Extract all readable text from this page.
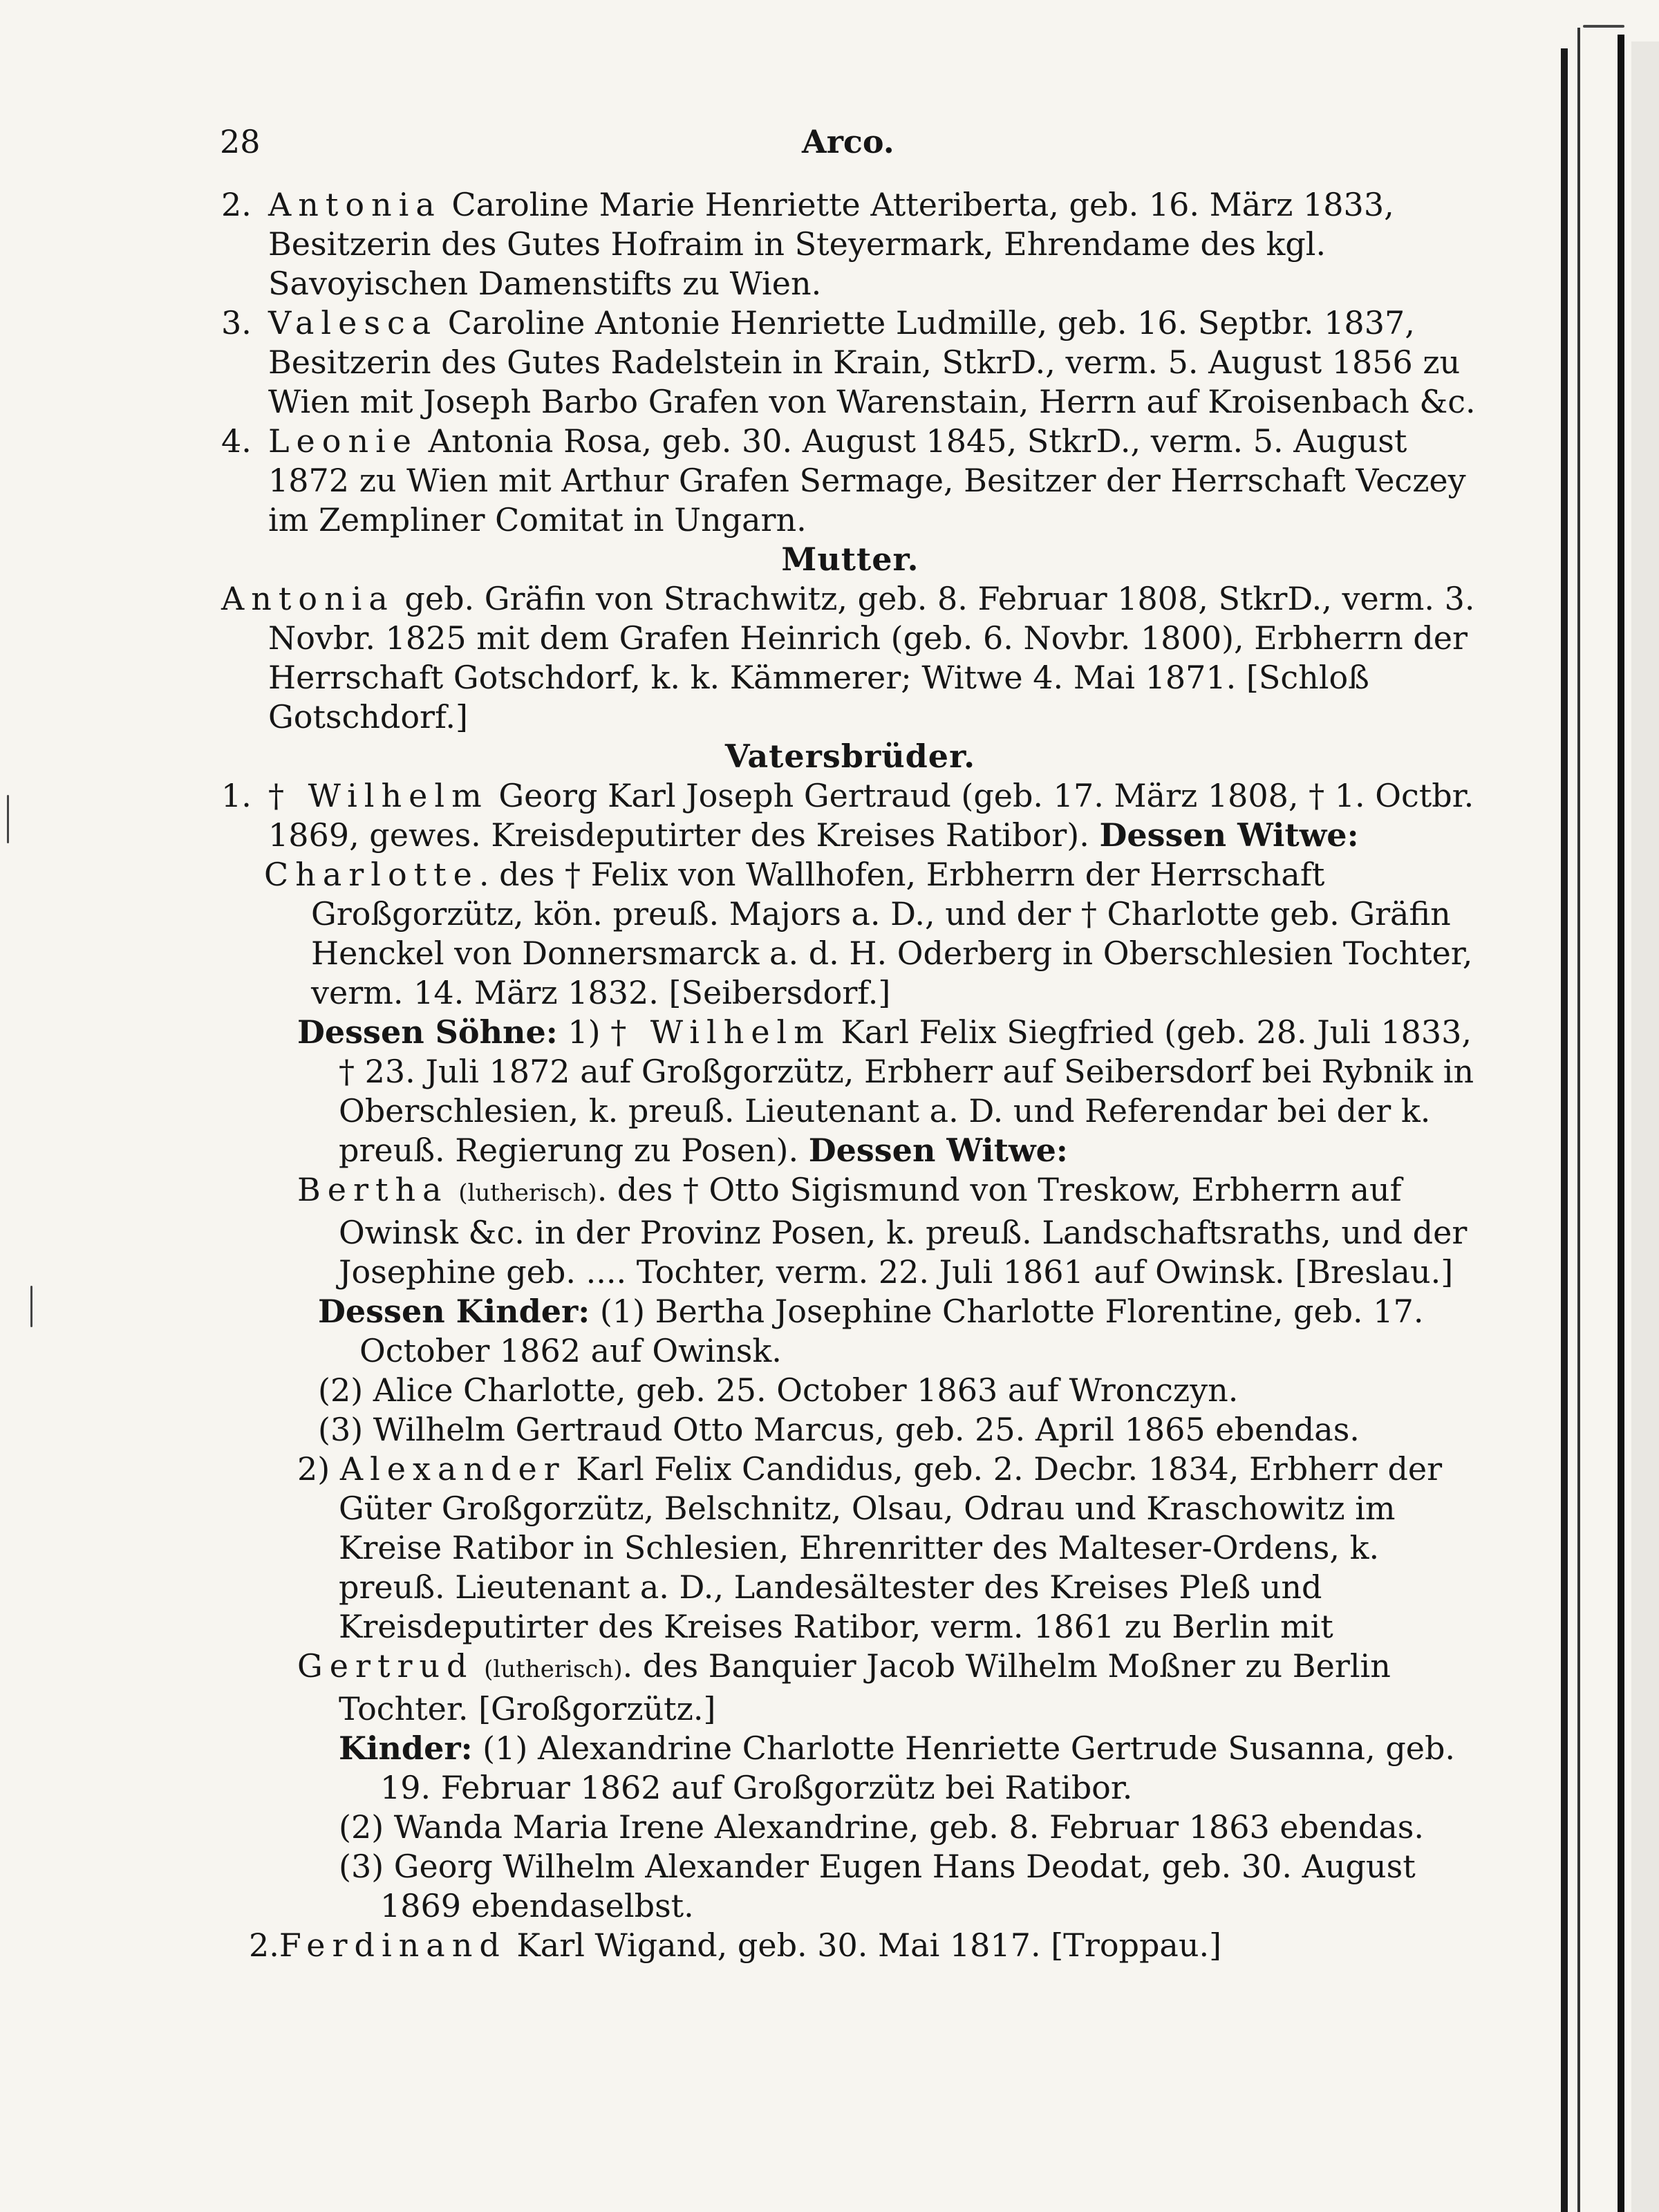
28	Arco.

2. Antonia Caroline Marie Henriette Atteriberta, geb. 16. März 1833, Besitzerin des Gutes Hofraim in Steyermark, Ehrendame des kgl. Savoyischen Damenstifts zu Wien.

3. Valesca Caroline Antonie Henriette Ludmille, geb. 16. Septbr. 1837, Besitzerin des Gutes Radelstein in Krain, StkrD., verm. 5. August 1856 zu Wien mit Joseph Barbo Grafen von Warenstain, Herrn auf Kroisenbach &c.

4. Leonie Antonia Rosa, geb. 30. August 1845, StkrD., verm. 5. August 1872 zu Wien mit Arthur Grafen Sermage, Besitzer der Herrschaft Veczey im Zempliner Comitat in Ungarn.

Mutter.

Antonia geb. Gräfin von Strachwitz, geb. 8. Februar 1808, StkrD., verm. 3. Novbr. 1825 mit dem Grafen Heinrich (geb. 6. Novbr. 1800), Erbherrn der Herrschaft Gotschdorf, k. k. Kämmerer; Witwe 4. Mai 1871. [Schloß Gotschdorf.]

Vatersbrüder.

1. † Wilhelm Georg Karl Joseph Gertraud (geb. 17. März 1808, † 1. Octbr. 1869, gewes. Kreisdeputirter des Kreises Ratibor). Dessen Witwe:

Charlotte. des † Felix von Wallhofen, Erbherrn der Herrschaft Großgorzütz, kön. preuß. Majors a. D., und der † Charlotte geb. Gräfin Henckel von Donnersmarck a. d. H. Oderberg in Oberschlesien Tochter, verm. 14. März 1832. [Seibersdorf.]

Dessen Söhne: 1) † Wilhelm Karl Felix Siegfried (geb. 28. Juli 1833, † 23. Juli 1872 auf Großgorzütz, Erbherr auf Seibersdorf bei Rybnik in Oberschlesien, k. preuß. Lieutenant a. D. und Referendar bei der k. preuß. Regierung zu Posen). Dessen Witwe:

Bertha (lutherisch). des † Otto Sigismund von Treskow, Erbherrn auf Owinsk &c. in der Provinz Posen, k. preuß. Landschaftsraths, und der Josephine geb. .... Tochter, verm. 22. Juli 1861 auf Owinsk. [Breslau.]

Dessen Kinder: (1) Bertha Josephine Charlotte Florentine, geb. 17. October 1862 auf Owinsk.

(2) Alice Charlotte, geb. 25. October 1863 auf Wronczyn.

(3) Wilhelm Gertraud Otto Marcus, geb. 25. April 1865 ebendas.

2) Alexander Karl Felix Candidus, geb. 2. Decbr. 1834, Erbherr der Güter Großgorzütz, Belschnitz, Olsau, Odrau und Kraschowitz im Kreise Ratibor in Schlesien, Ehrenritter des Malteser-Ordens, k. preuß. Lieutenant a. D., Landesältester des Kreises Pleß und Kreisdeputirter des Kreises Ratibor, verm. 1861 zu Berlin mit

Gertrud (lutherisch). des Banquier Jacob Wilhelm Moßner zu Berlin Tochter. [Großgorzütz.]

Kinder: (1) Alexandrine Charlotte Henriette Gertrude Susanna, geb. 19. Februar 1862 auf Großgorzütz bei Ratibor.

(2) Wanda Maria Irene Alexandrine, geb. 8. Februar 1863 ebendas.

(3) Georg Wilhelm Alexander Eugen Hans Deodat, geb. 30. August 1869 ebendaselbst.

2.Ferdinand Karl Wigand, geb. 30. Mai 1817. [Troppau.]
